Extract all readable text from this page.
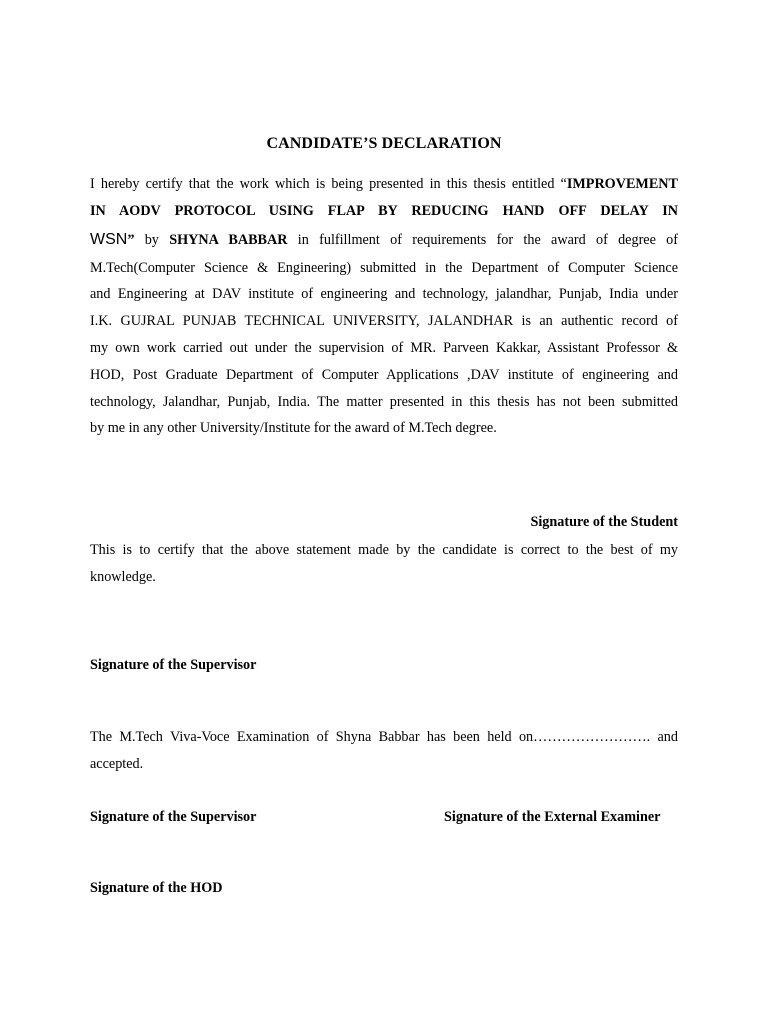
CANDIDATE’S DECLARATION
I hereby certify that the work which is being presented in this thesis entitled “IMPROVEMENT
IN AODV PROTOCOL USING FLAP BY REDUCING HAND OFF DELAY IN
WSN” by SHYNA BABBAR in fulfillment of requirements for the award of degree of
M.Tech(Computer Science & Engineering) submitted in the Department of Computer Science
and Engineering at DAV institute of engineering and technology, jalandhar, Punjab, India under
I.K. GUJRAL PUNJAB TECHNICAL UNIVERSITY, JALANDHAR is an authentic record of
my own work carried out under the supervision of MR. Parveen Kakkar, Assistant Professor &
HOD, Post Graduate Department of Computer Applications ,DAV institute of engineering and
technology, Jalandhar, Punjab, India. The matter presented in this thesis has not been submitted
by me in any other University/Institute for the award of M.Tech degree.
Signature of the Student
This is to certify that the above statement made by the candidate is correct to the best of my
knowledge.
Signature of the Supervisor
The M.Tech Viva-Voce Examination of Shyna Babbar has been held on……………………. and
accepted.
Signature of the Supervisor	Signature of the External Examiner
Signature of the HOD
